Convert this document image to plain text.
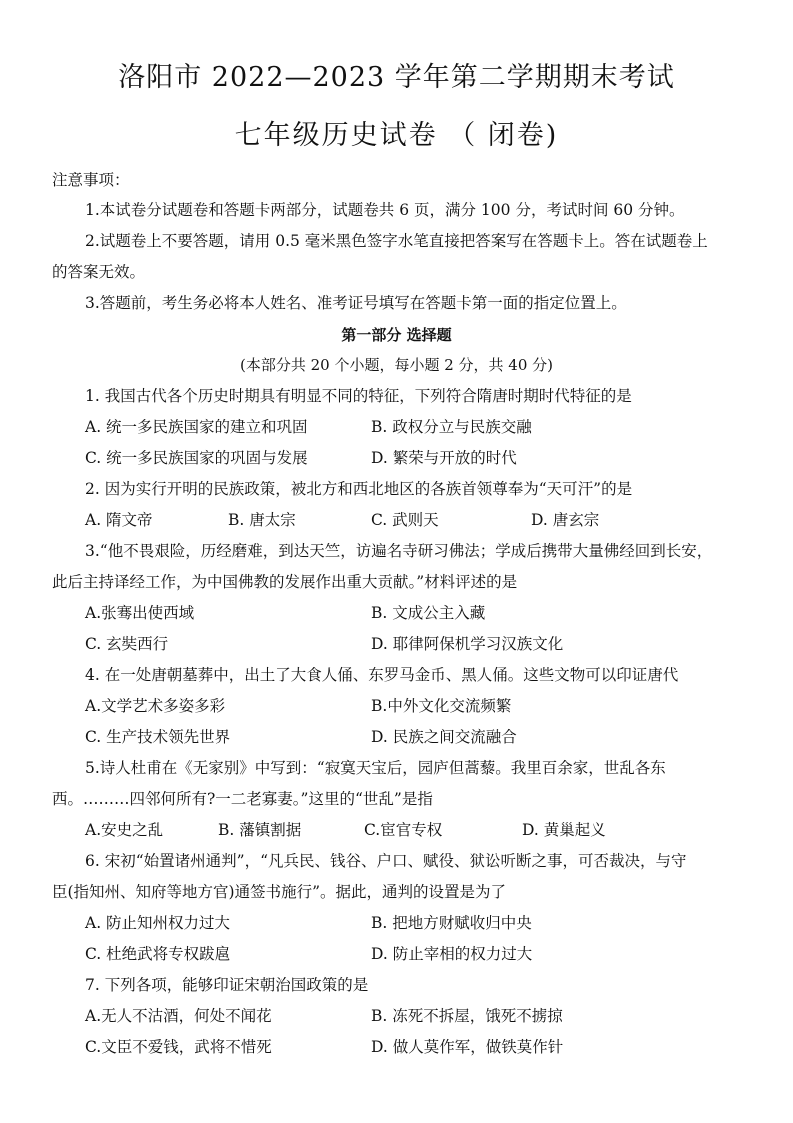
洛阳市 2022—2023 学年第二学期期末考试
七年级历史试卷 （ 闭卷)
注意事项：
1.本试卷分试题卷和答题卡两部分，试题卷共 6 页，满分 100 分，考试时间 60 分钟。
2.试题卷上不要答题，请用 0.5 毫米黑色签字水笔直接把答案写在答题卡上。答在试题卷上
的答案无效。
3.答题前，考生务必将本人姓名、准考证号填写在答题卡第一面的指定位置上。
第一部分 选择题
(本部分共 20 个小题，每小题 2 分，共 40 分)
1. 我国古代各个历史时期具有明显不同的特征，下列符合隋唐时期时代特征的是
A. 统一多民族国家的建立和巩固	B. 政权分立与民族交融
C. 统一多民族国家的巩固与发展	D. 繁荣与开放的时代
2. 因为实行开明的民族政策，被北方和西北地区的各族首领尊奉为“天可汗”的是
A. 隋文帝	B. 唐太宗	C. 武则天	D. 唐玄宗
3.“他不畏艰险，历经磨难，到达天竺，访遍名寺研习佛法；学成后携带大量佛经回到长安，
此后主持译经工作，为中国佛教的发展作出重大贡献。”材料评述的是
A.张骞出使西域	B. 文成公主入藏
C. 玄奘西行	D. 耶律阿保机学习汉族文化
4. 在一处唐朝墓葬中，出土了大食人俑、东罗马金币、黑人俑。这些文物可以印证唐代
A.文学艺术多姿多彩	B.中外文化交流频繁
C. 生产技术领先世界	D. 民族之间交流融合
5.诗人杜甫在《无家别》中写到：“寂寞天宝后，园庐但蒿藜。我里百余家，世乱各东
西。………四邻何所有?一二老寡妻。”这里的“世乱”是指
A.安史之乱	B. 藩镇割据	C.宦官专权	D. 黄巢起义
6. 宋初“始置诸州通判”，“凡兵民、钱谷、户口、赋役、狱讼听断之事，可否裁决，与守
臣(指知州、知府等地方官)通签书施行”。据此，通判的设置是为了
A. 防止知州权力过大	B. 把地方财赋收归中央
C. 杜绝武将专权跋扈	D. 防止宰相的权力过大
7. 下列各项，能够印证宋朝治国政策的是
A.无人不沽酒，何处不闻花	B. 冻死不拆屋，饿死不掳掠
C.文臣不爱钱，武将不惜死	D. 做人莫作军，做铁莫作针
